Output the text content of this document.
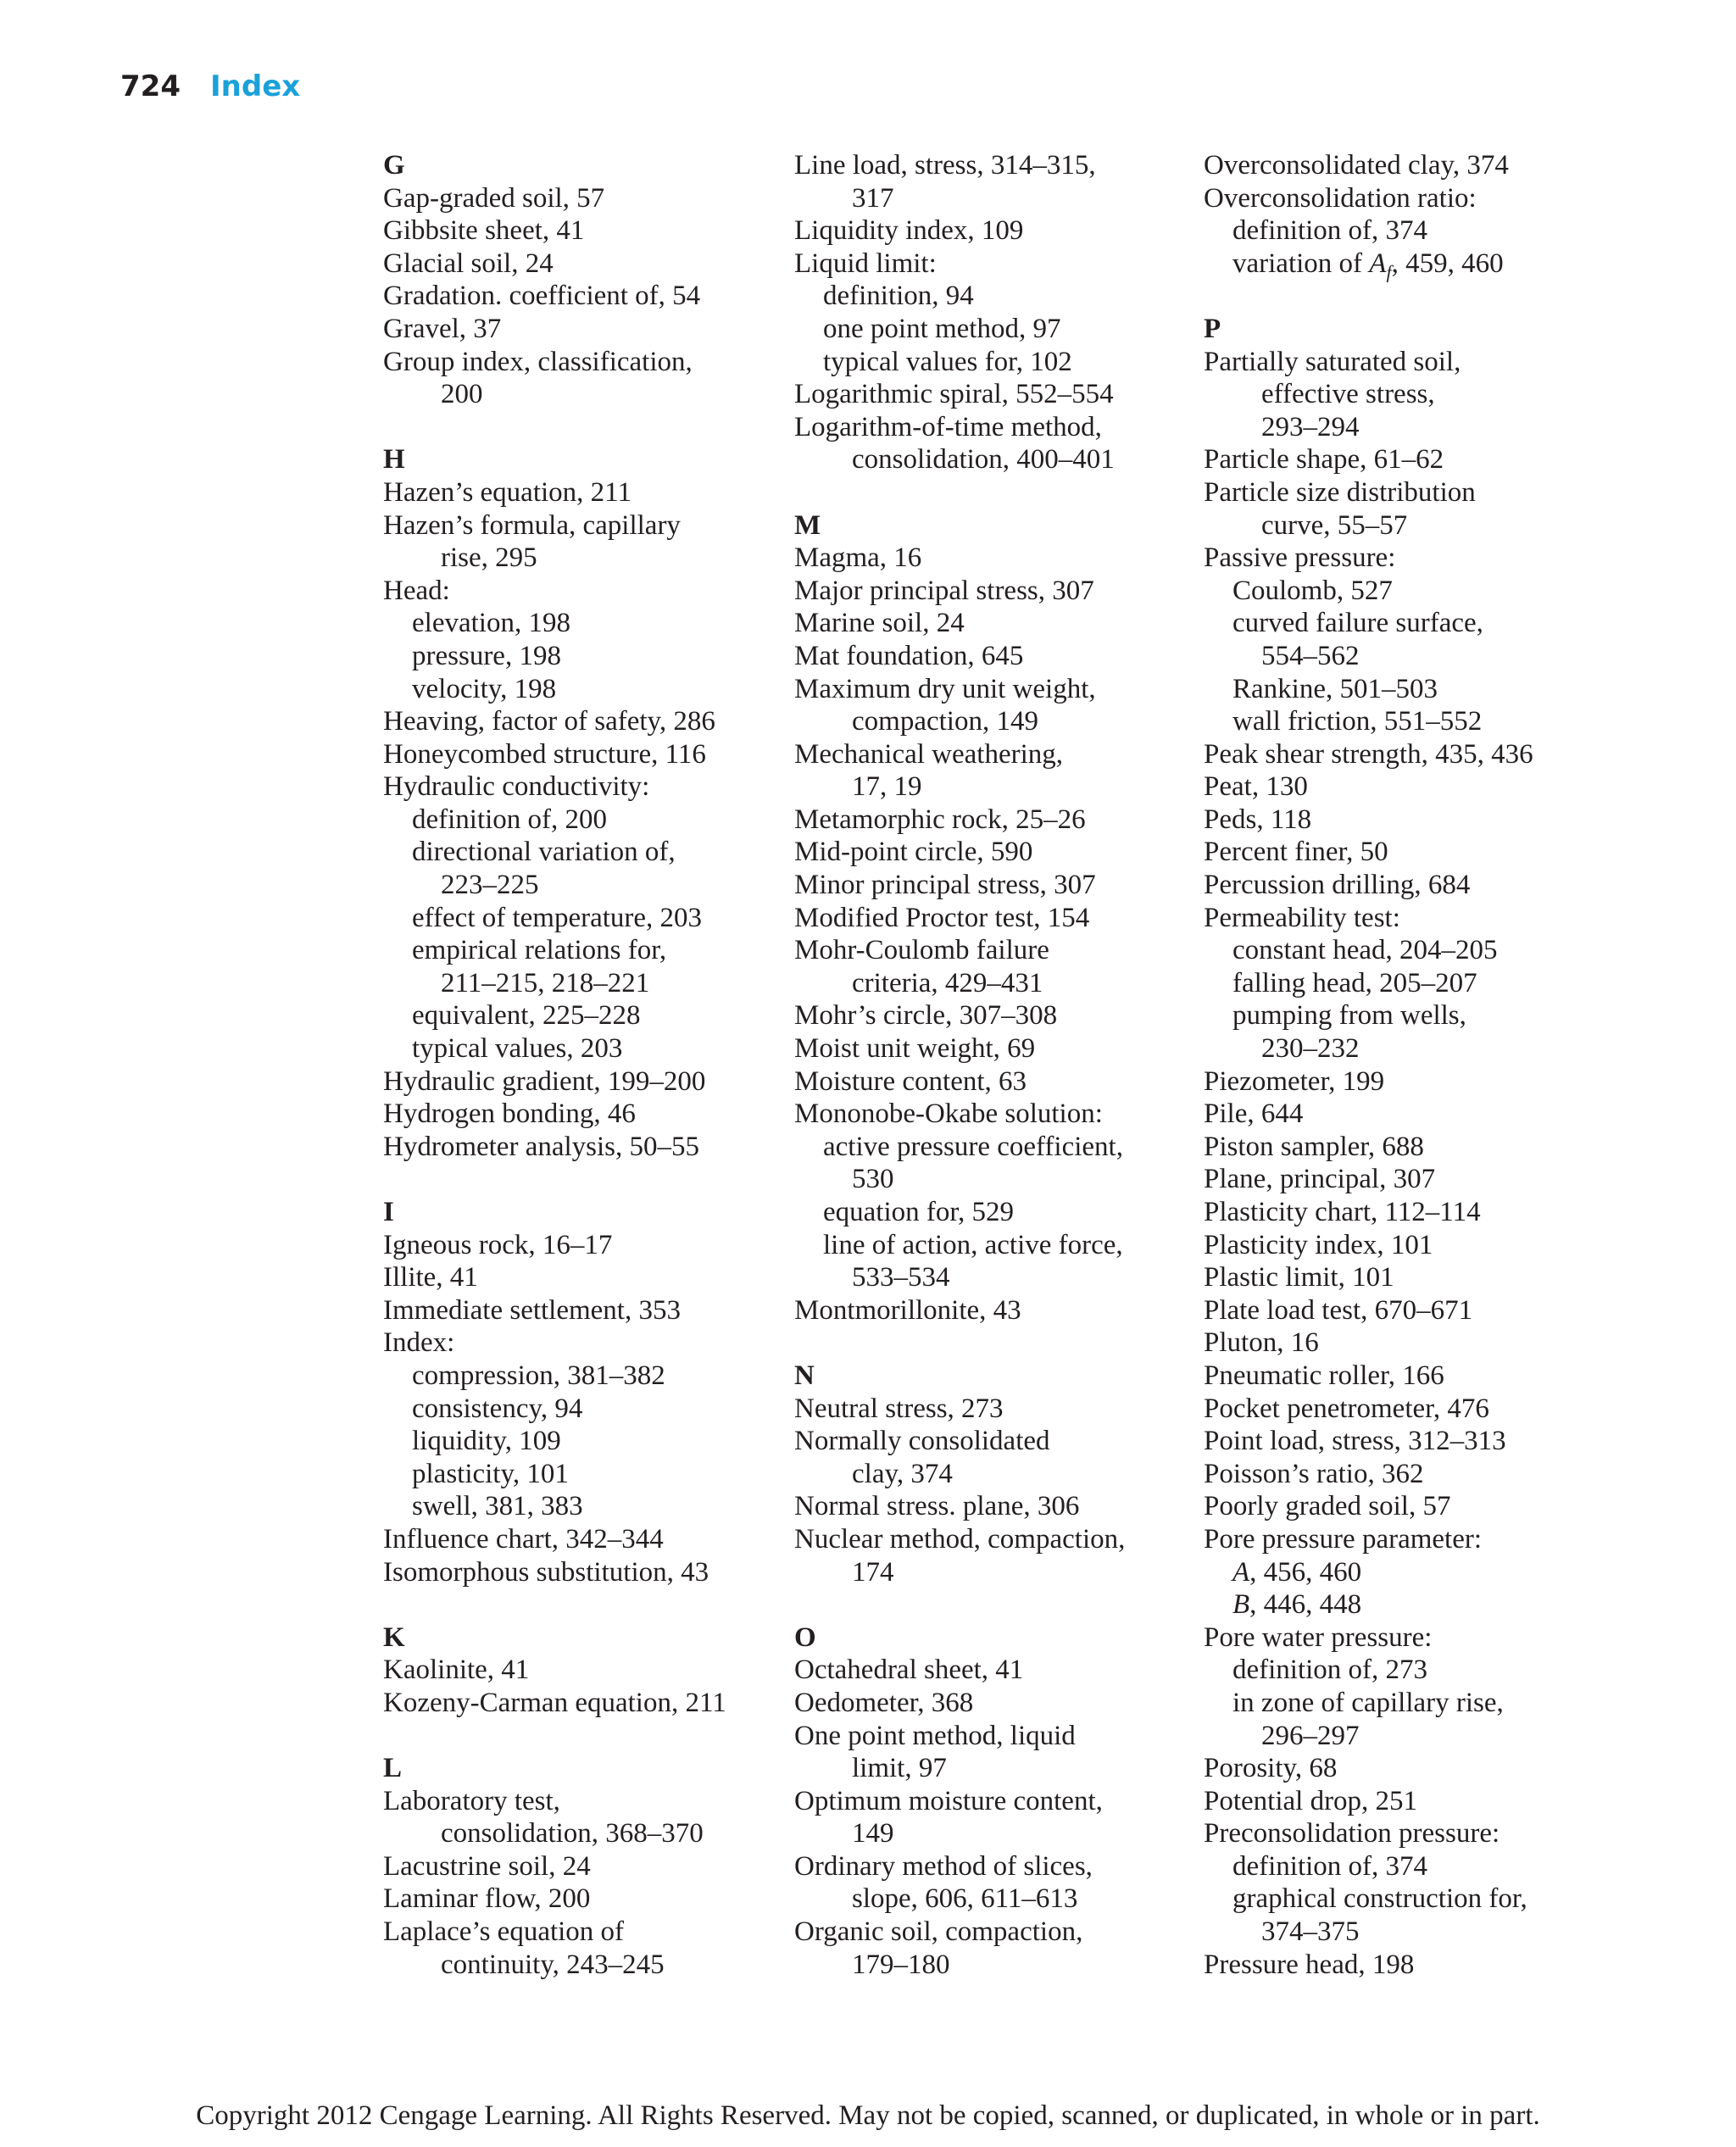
724 Index
G
Gap-graded soil, 57
Gibbsite sheet, 41
Glacial soil, 24
Gradation. coefficient of, 54
Gravel, 37
Group index, classification,
200
H
Hazen’s equation, 211
Hazen’s formula, capillary
rise, 295
Head:
elevation, 198
pressure, 198
velocity, 198
Heaving, factor of safety, 286
Honeycombed structure, 116
Hydraulic conductivity:
definition of, 200
directional variation of,
223–225
effect of temperature, 203
empirical relations for,
211–215, 218–221
equivalent, 225–228
typical values, 203
Hydraulic gradient, 199–200
Hydrogen bonding, 46
Hydrometer analysis, 50–55
I
Igneous rock, 16–17
Illite, 41
Immediate settlement, 353
Index:
compression, 381–382
consistency, 94
liquidity, 109
plasticity, 101
swell, 381, 383
Influence chart, 342–344
Isomorphous substitution, 43
K
Kaolinite, 41
Kozeny-Carman equation, 211
L
Laboratory test,
consolidation, 368–370
Lacustrine soil, 24
Laminar flow, 200
Laplace’s equation of
continuity, 243–245
Line load, stress, 314–315,
317
Liquidity index, 109
Liquid limit:
definition, 94
one point method, 97
typical values for, 102
Logarithmic spiral, 552–554
Logarithm-of-time method,
consolidation, 400–401
M
Magma, 16
Major principal stress, 307
Marine soil, 24
Mat foundation, 645
Maximum dry unit weight,
compaction, 149
Mechanical weathering,
17, 19
Metamorphic rock, 25–26
Mid-point circle, 590
Minor principal stress, 307
Modified Proctor test, 154
Mohr-Coulomb failure
criteria, 429–431
Mohr’s circle, 307–308
Moist unit weight, 69
Moisture content, 63
Mononobe-Okabe solution:
active pressure coefficient,
530
equation for, 529
line of action, active force,
533–534
Montmorillonite, 43
N
Neutral stress, 273
Normally consolidated
clay, 374
Normal stress. plane, 306
Nuclear method, compaction,
174
O
Octahedral sheet, 41
Oedometer, 368
One point method, liquid
limit, 97
Optimum moisture content,
149
Ordinary method of slices,
slope, 606, 611–613
Organic soil, compaction,
179–180
Overconsolidated clay, 374
Overconsolidation ratio:
definition of, 374
variation of $A_f$, 459, 460
P
Partially saturated soil,
effective stress,
293–294
Particle shape, 61–62
Particle size distribution
curve, 55–57
Passive pressure:
Coulomb, 527
curved failure surface,
554–562
Rankine, 501–503
wall friction, 551–552
Peak shear strength, 435, 436
Peat, 130
Peds, 118
Percent finer, 50
Percussion drilling, 684
Permeability test:
constant head, 204–205
falling head, 205–207
pumping from wells,
230–232
Piezometer, 199
Pile, 644
Piston sampler, 688
Plane, principal, 307
Plasticity chart, 112–114
Plasticity index, 101
Plastic limit, 101
Plate load test, 670–671
Pluton, 16
Pneumatic roller, 166
Pocket penetrometer, 476
Point load, stress, 312–313
Poisson’s ratio, 362
Poorly graded soil, 57
Pore pressure parameter:
A, 456, 460
B, 446, 448
Pore water pressure:
definition of, 273
in zone of capillary rise,
296–297
Porosity, 68
Potential drop, 251
Preconsolidation pressure:
definition of, 374
graphical construction for,
374–375
Pressure head, 198
Copyright 2012 Cengage Learning. All Rights Reserved. May not be copied, scanned, or duplicated, in whole or in part.
